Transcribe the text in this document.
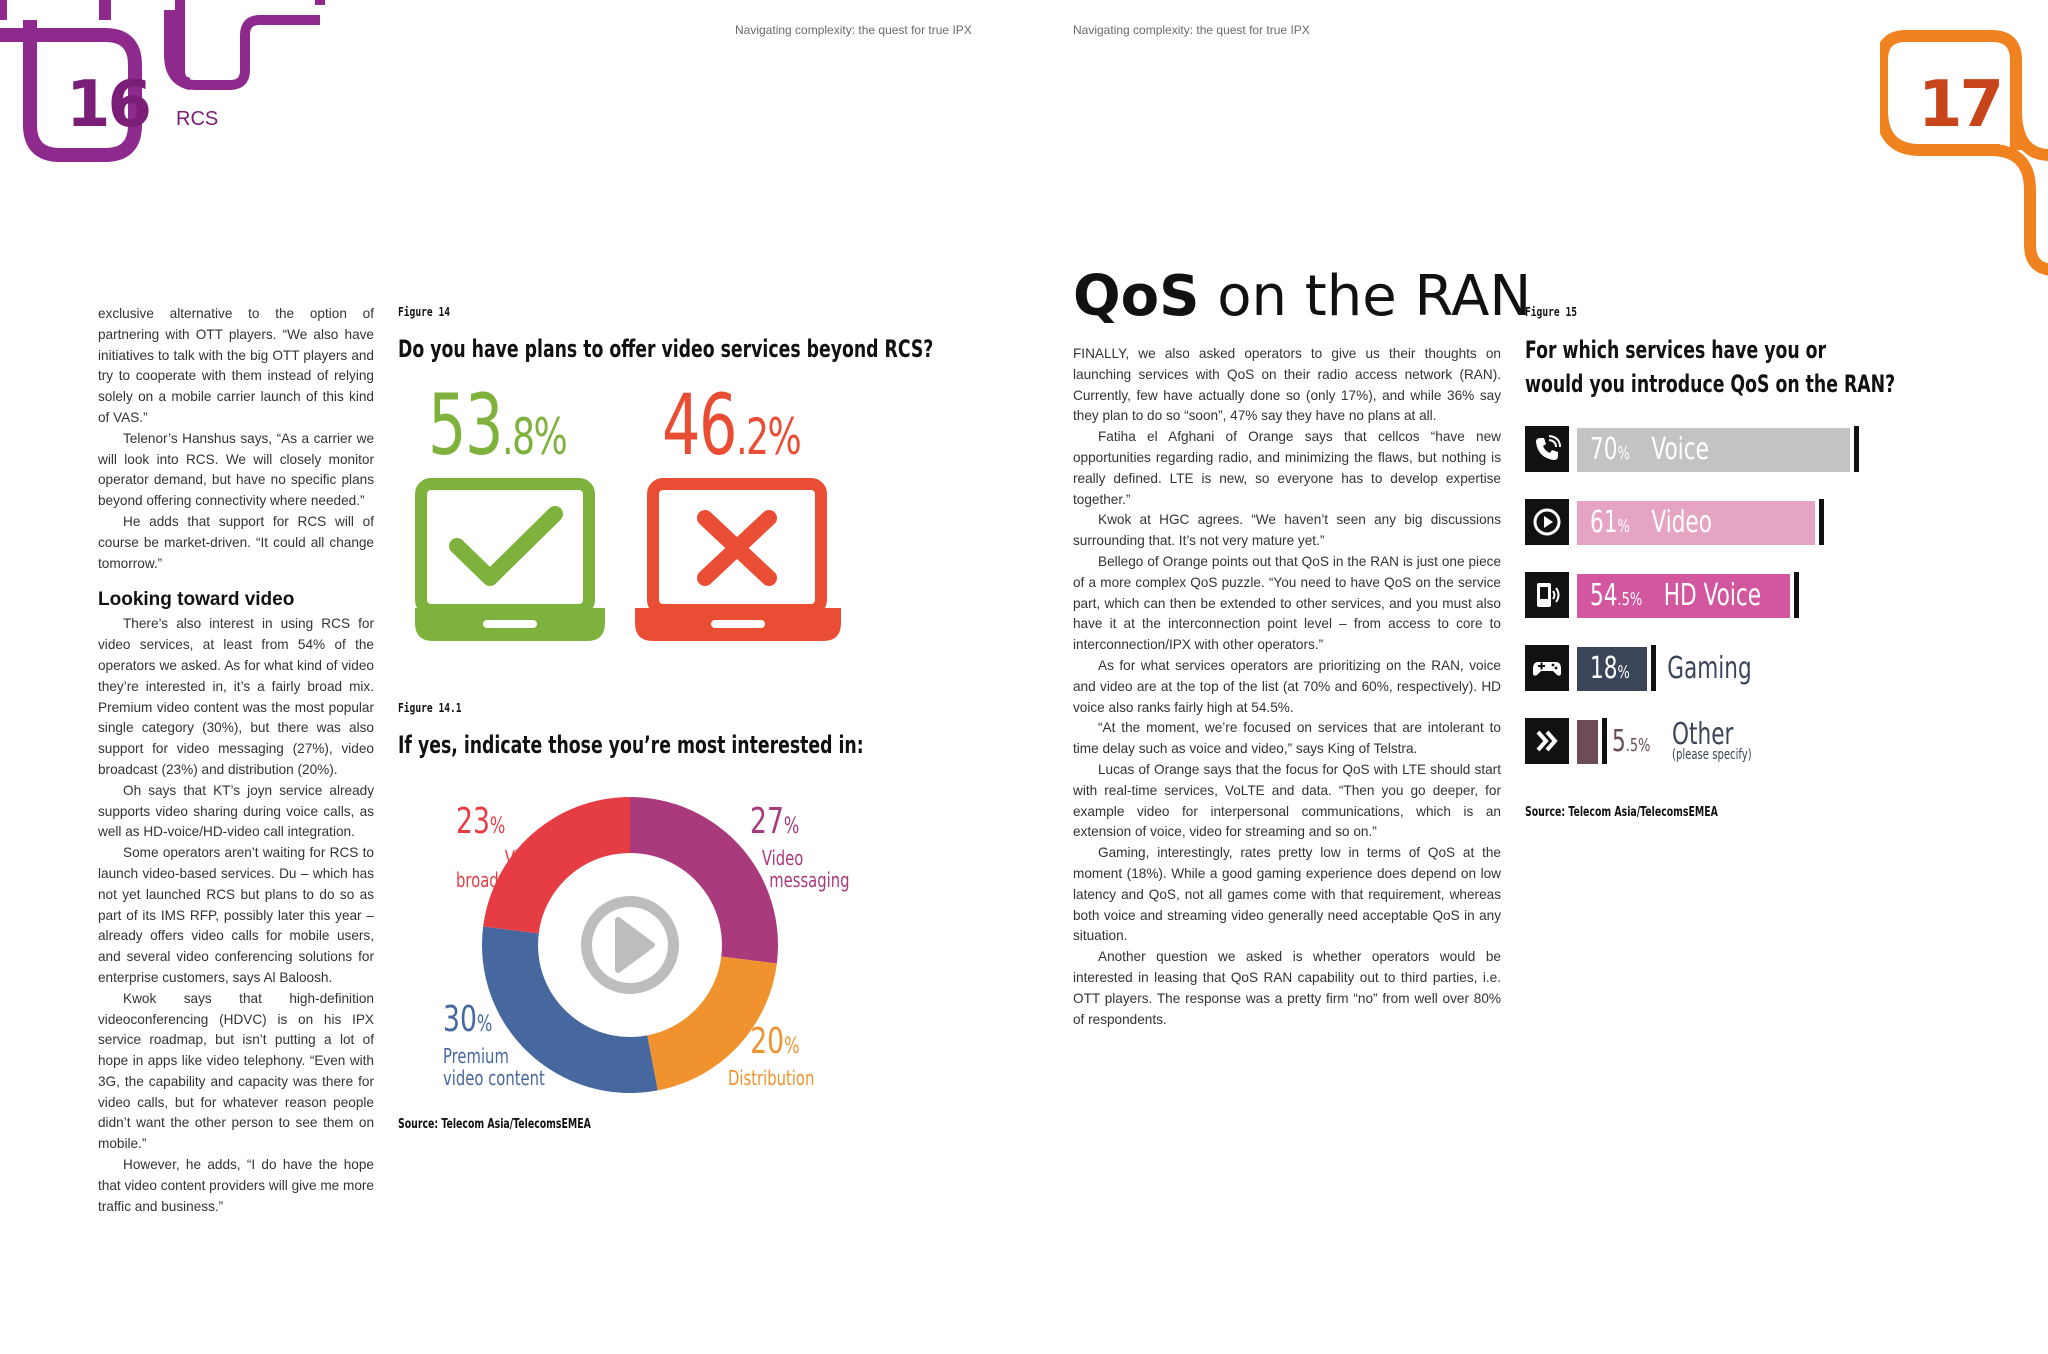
Navigating complexity: the quest for true IPX	Navigating complexity: the quest for true IPX
16 RCS	17

exclusive alternative to the option of partnering with OTT players. “We also have initiatives to talk with the big OTT players and try to cooperate with them instead of relying solely on a mobile carrier launch of this kind of VAS.”

Telenor’s Hanshus says, “As a carrier we will look into RCS. We will closely monitor operator demand, but have no specific plans beyond offering connectivity where needed.”

He adds that support for RCS will of course be market-driven. “It could all change tomorrow.”

Looking toward video

There’s also interest in using RCS for video services, at least from 54% of the operators we asked. As for what kind of video they’re interested in, it’s a fairly broad mix. Premium video content was the most popular single category (30%), but there was also support for video messaging (27%), video broadcast (23%) and distribution (20%).

Oh says that KT’s joyn service already supports video sharing during voice calls, as well as HD-voice/HD-video call integration.

Some operators aren’t waiting for RCS to launch video-based services. Du – which has not yet launched RCS but plans to do so as part of its IMS RFP, possibly later this year – already offers video calls for mobile users, and several video conferencing solutions for enterprise customers, says Al Baloosh.

Kwok says that high-definition videoconferencing (HDVC) is on his IPX service roadmap, but isn’t putting a lot of hope in apps like video telephony. “Even with 3G, the capability and capacity was there for video calls, but for whatever reason people didn’t want the other person to see them on mobile.”

However, he adds, “I do have the hope that video content providers will give me more traffic and business.”

Figure 14
Do you have plans to offer video services beyond RCS?
53.8% 46.2%
Figure 14.1
If yes, indicate those you’re most interested in:
23%
Video
broadcasting
27%
Video
messaging
30%
Premium
video content
20%
Distribution
Source: Telecom Asia/TelecomsEMEA
QoS on the RAN

FINALLY, we also asked operators to give us their thoughts on launching services with QoS on their radio access network (RAN). Currently, few have actually done so (only 17%), and while 36% say they plan to do so “soon”, 47% say they have no plans at all.

Fatiha el Afghani of Orange says that cellcos “have new opportunities regarding radio, and minimizing the flaws, but nothing is really defined. LTE is new, so everyone has to develop expertise together.”

Kwok at HGC agrees. “We haven’t seen any big discussions surrounding that. It’s not very mature yet.”

Bellego of Orange points out that QoS in the RAN is just one piece of a more complex QoS puzzle. “You need to have QoS on the service part, which can then be extended to other services, and you must also have it at the interconnection point level – from access to core to interconnection/IPX with other operators.”

As for what services operators are prioritizing on the RAN, voice and video are at the top of the list (at 70% and 60%, respectively). HD voice also ranks fairly high at 54.5%.

“At the moment, we’re focused on services that are intolerant to time delay such as voice and video,” says King of Telstra.

Lucas of Orange says that the focus for QoS with LTE should start with real-time services, VoLTE and data. “Then you go deeper, for example video for interpersonal communications, which is an extension of voice, video for streaming and so on.”

Gaming, interestingly, rates pretty low in terms of QoS at the moment (18%). While a good gaming experience does depend on low latency and QoS, not all games come with that requirement, whereas both voice and streaming video generally need acceptable QoS in any situation.

Another question we asked is whether operators would be interested in leasing that QoS RAN capability out to third parties, i.e. OTT players. The response was a pretty firm “no” from well over 80% of respondents.

Figure 15
For which services have you or
would you introduce QoS on the RAN?
70% Voice
61% Video
54.5% HD Voice
18% Gaming
5.5% Other
(please specify)
Source: Telecom Asia/TelecomsEMEA
